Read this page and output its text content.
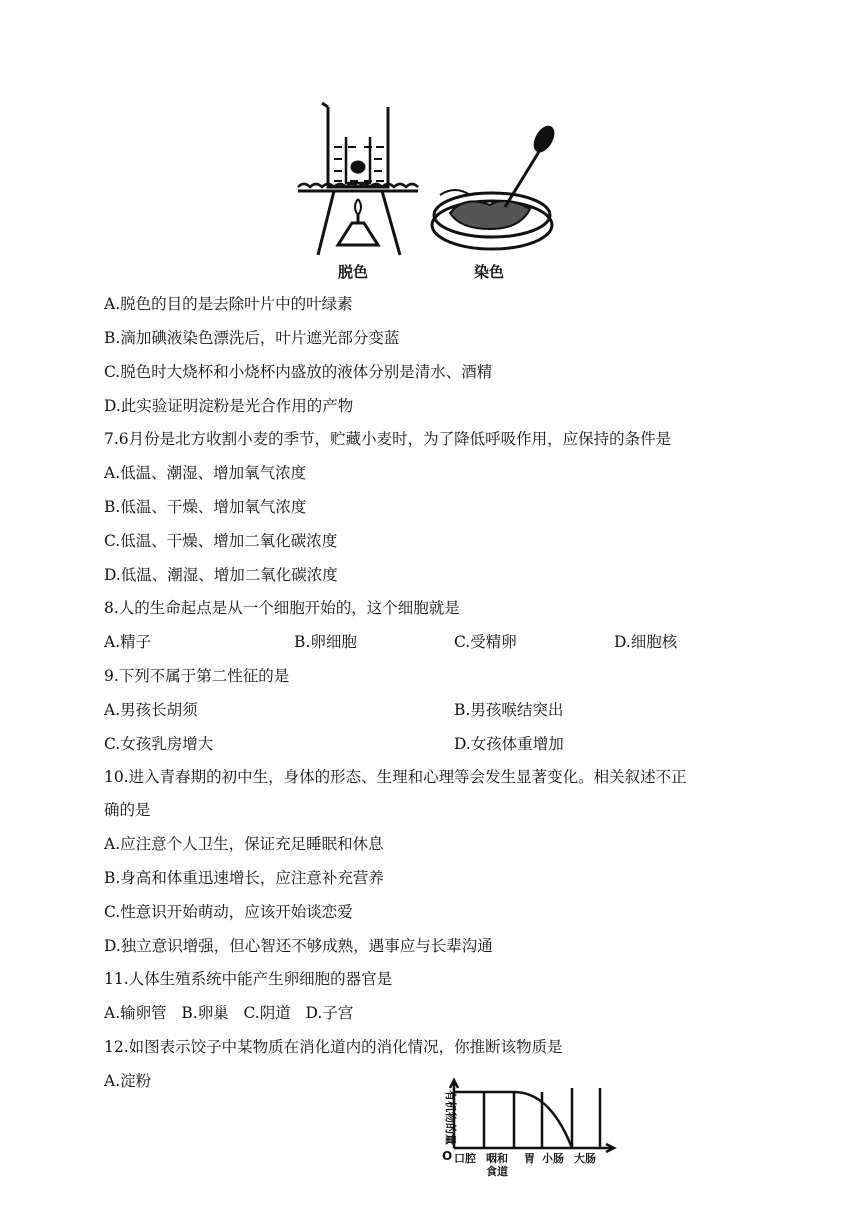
脱色	染色
A.脱色的目的是去除叶片中的叶绿素
B.滴加碘液染色漂洗后，叶片遮光部分变蓝
C.脱色时大烧杯和小烧杯内盛放的液体分别是清水、酒精
D.此实验证明淀粉是光合作用的产物
7.6月份是北方收割小麦的季节，贮藏小麦时，为了降低呼吸作用，应保持的条件是
A.低温、潮湿、增加氧气浓度
B.低温、干燥、增加氧气浓度
C.低温、干燥、增加二氧化碳浓度
D.低温、潮湿、增加二氧化碳浓度
8.人的生命起点是从一个细胞开始的，这个细胞就是
A.精子	B.卵细胞	C.受精卵	D.细胞核
9.下列不属于第二性征的是
A.男孩长胡须	B.男孩喉结突出
C.女孩乳房增大	D.女孩体重增加
10.进入青春期的初中生，身体的形态、生理和心理等会发生显著变化。相关叙述不正
确的是
A.应注意个人卫生，保证充足睡眠和休息
B.身高和体重迅速增长，应注意补充营养
C.性意识开始萌动，应该开始谈恋爱
D.独立意识增强，但心智还不够成熟，遇事应与长辈沟通
11.人体生殖系统中能产生卵细胞的器官是
A.输卵管   B.卵巢   C.阴道   D.子宫
12.如图表示饺子中某物质在消化道内的消化情况，你推断该物质是
A.淀粉
有机物的量
O 口腔 咽和
食道
胃 小肠 大肠
